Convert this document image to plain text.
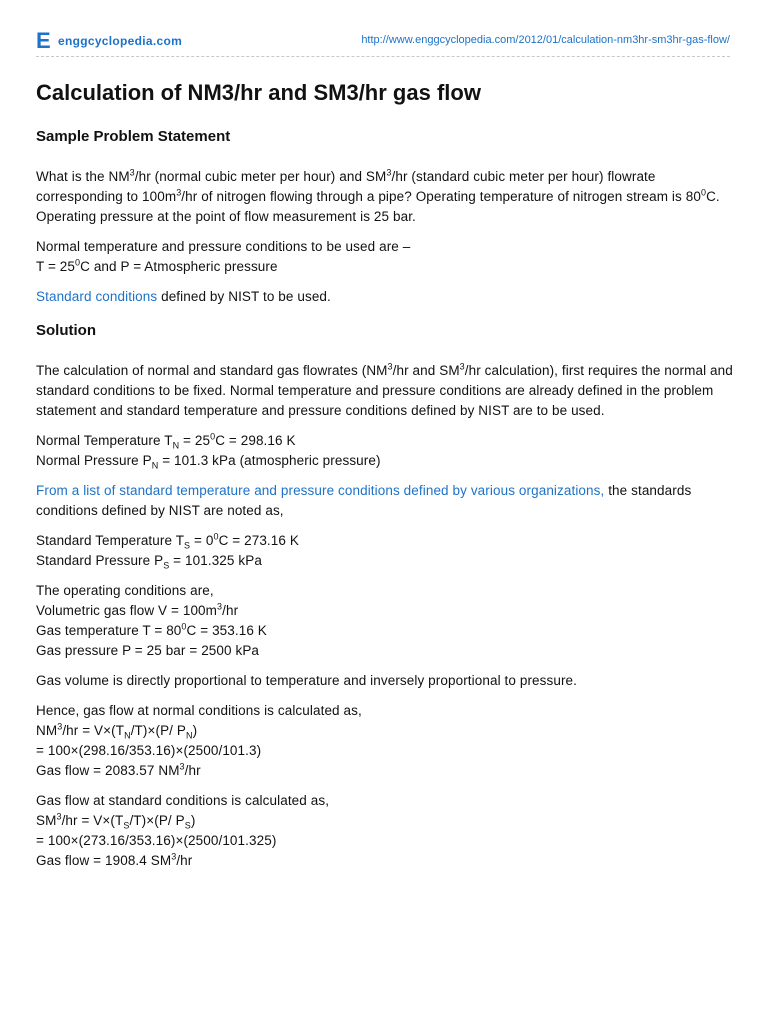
E enggcyclopedia.com	http://www.enggcyclopedia.com/2012/01/calculation-nm3hr-sm3hr-gas-flow/
Calculation of NM3/hr and SM3/hr gas flow
Sample Problem Statement

What is the $NM^3/hr$ (normal cubic meter per hour) and $SM^3/hr$ (standard cubic meter per hour) flowrate corresponding to $100m^3/hr$ of nitrogen flowing through a pipe? Operating temperature of nitrogen stream is $80^0C$. Operating pressure at the point of flow measurement is 25 bar.

Normal temperature and pressure conditions to be used are –
$T = 25^0C$ and P = Atmospheric pressure

Standard conditions defined by NIST to be used.

Solution

The calculation of normal and standard gas flowrates ($NM^3/hr$ and $SM^3/hr$ calculation), first requires the normal and standard conditions to be fixed. Normal temperature and pressure conditions are already defined in the problem statement and standard temperature and pressure conditions defined by NIST are to be used.

Normal Temperature $T_N = 25^0C = 298.16$ K
Normal Pressure $P_N = 101.3$ kPa (atmospheric pressure)

From a list of standard temperature and pressure conditions defined by various organizations, the standards conditions defined by NIST are noted as,

Standard Temperature $T_S = 0^0C = 273.16$ K
Standard Pressure $P_S = 101.325$ kPa

The operating conditions are,
Volumetric gas flow $V = 100m^3/hr$
Gas temperature $T = 80^0C = 353.16$ K
Gas pressure P = 25 bar = 2500 kPa

Gas volume is directly proportional to temperature and inversely proportional to pressure.

Hence, gas flow at normal conditions is calculated as,
$NM^3/hr = V\times(T_N/T)\times(P/$ $P_N$)
= 100×(298.16/353.16)×(2500/101.3)
Gas flow = 2083.57 $NM^3/hr$

Gas flow at standard conditions is calculated as,
$SM^3/hr = V\times(T_S/T)\times(P/$ $P_S$)
= 100×(273.16/353.16)×(2500/101.325)
Gas flow = 1908.4 $SM^3/hr$
